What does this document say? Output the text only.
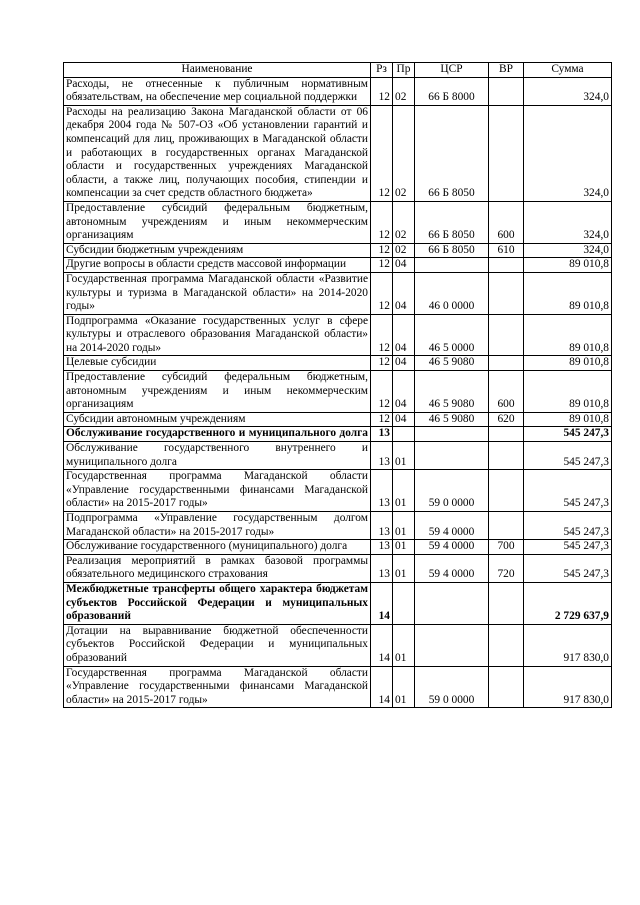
Наименование	Рз	Пр	ЦСР	ВР	Сумма
Расходы, не отнесенные к публичным нормативным обязательствам, на обеспечение мер социальной поддержки	12	02	66 Б 8000		324,0
Расходы на реализацию Закона Магаданской области от 06 декабря 2004 года № 507-ОЗ «Об установлении гарантий и компенсаций для лиц, проживающих в Магаданской области и работающих в государственных органах Магаданской области и государственных учреждениях Магаданской области, а также лиц, получающих пособия, стипендии и компенсации за счет средств областного бюджета»	12	02	66 Б 8050		324,0
Предоставление субсидий федеральным бюджетным, автономным учреждениям и иным некоммерческим организациям	12	02	66 Б 8050	600	324,0
Субсидии бюджетным учреждениям	12	02	66 Б 8050	610	324,0
Другие вопросы в области средств массовой информации	12	04			89 010,8
Государственная программа Магаданской области «Развитие культуры и туризма в Магаданской области» на 2014-2020 годы»	12	04	46 0 0000		89 010,8
Подпрограмма «Оказание государственных услуг в сфере культуры и отраслевого образования Магаданской области» на 2014-2020 годы»	12	04	46 5 0000		89 010,8
Целевые субсидии	12	04	46 5 9080		89 010,8
Предоставление субсидий федеральным бюджетным, автономным учреждениям и иным некоммерческим организациям	12	04	46 5 9080	600	89 010,8
Субсидии автономным учреждениям	12	04	46 5 9080	620	89 010,8
Обслуживание государственного и муниципального долга	13				545 247,3
Обслуживание государственного внутреннего и муниципального долга	13	01			545 247,3
Государственная программа Магаданской области «Управление государственными финансами Магаданской области» на 2015-2017 годы»	13	01	59 0 0000		545 247,3
Подпрограмма «Управление государственным долгом Магаданской области» на 2015-2017 годы»	13	01	59 4 0000		545 247,3
Обслуживание государственного (муниципального) долга	13	01	59 4 0000	700	545 247,3
Реализация мероприятий в рамках базовой программы обязательного медицинского страхования	13	01	59 4 0000	720	545 247,3
Межбюджетные трансферты общего характера бюджетам субъектов Российской Федерации и муниципальных образований	14				2 729 637,9
Дотации на выравнивание бюджетной обеспеченности субъектов Российской Федерации и муниципальных образований	14	01			917 830,0
Государственная программа Магаданской области «Управление государственными финансами Магаданской области» на 2015-2017 годы»	14	01	59 0 0000		917 830,0
